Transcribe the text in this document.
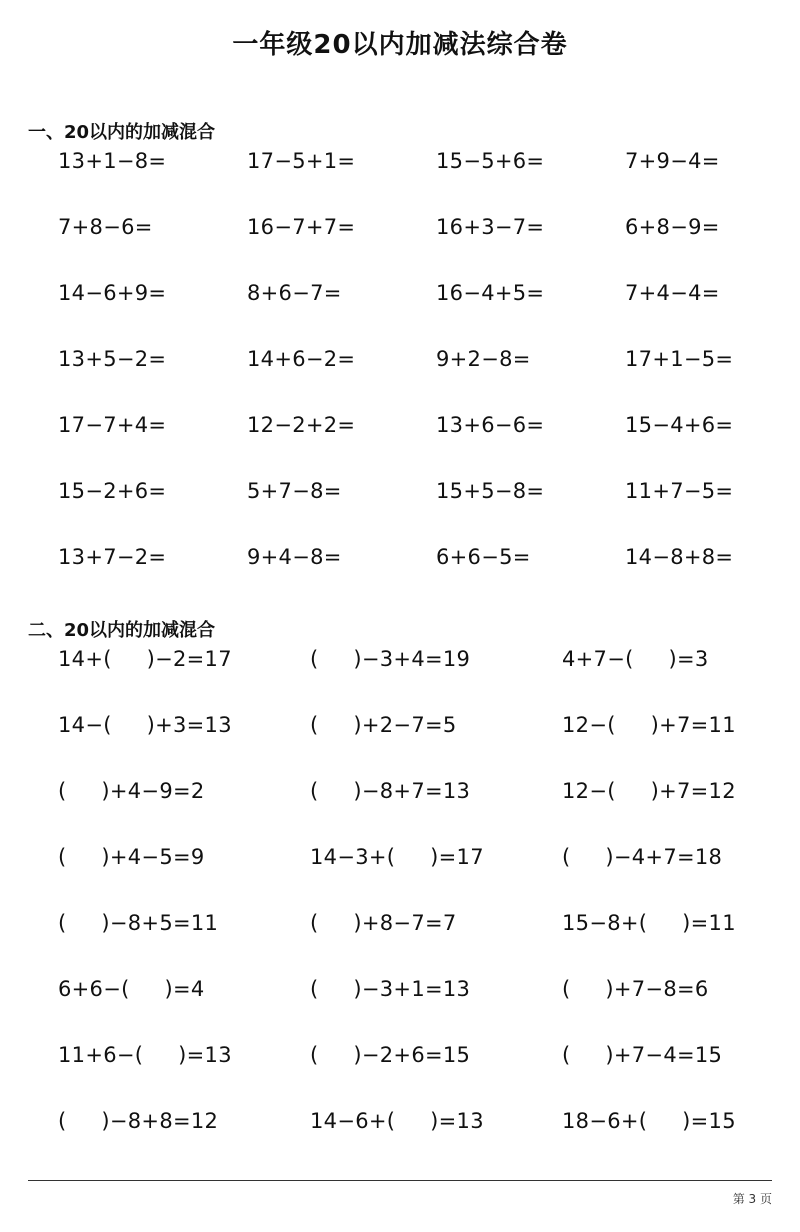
一年级20以内加减法综合卷
一、20以内的加减混合
13+1−8=	17−5+1=	15−5+6=	7+9−4=
7+8−6=	16−7+7=	16+3−7=	6+8−9=
14−6+9=	8+6−7=	16−4+5=	7+4−4=
13+5−2=	14+6−2=	9+2−8=	17+1−5=
17−7+4=	12−2+2=	13+6−6=	15−4+6=
15−2+6=	5+7−8=	15+5−8=	11+7−5=
13+7−2=	9+4−8=	6+6−5=	14−8+8=
二、20以内的加减混合
14+(     )−2=17	(     )−3+4=19	4+7−(     )=3
14−(     )+3=13	(     )+2−7=5	12−(     )+7=11
(     )+4−9=2	(     )−8+7=13	12−(     )+7=12
(     )+4−5=9	14−3+(     )=17	(     )−4+7=18
(     )−8+5=11	(     )+8−7=7	15−8+(     )=11
6+6−(     )=4	(     )−3+1=13	(     )+7−8=6
11+6−(     )=13	(     )−2+6=15	(     )+7−4=15
(     )−8+8=12	14−6+(     )=13	18−6+(     )=15
第 3 页
